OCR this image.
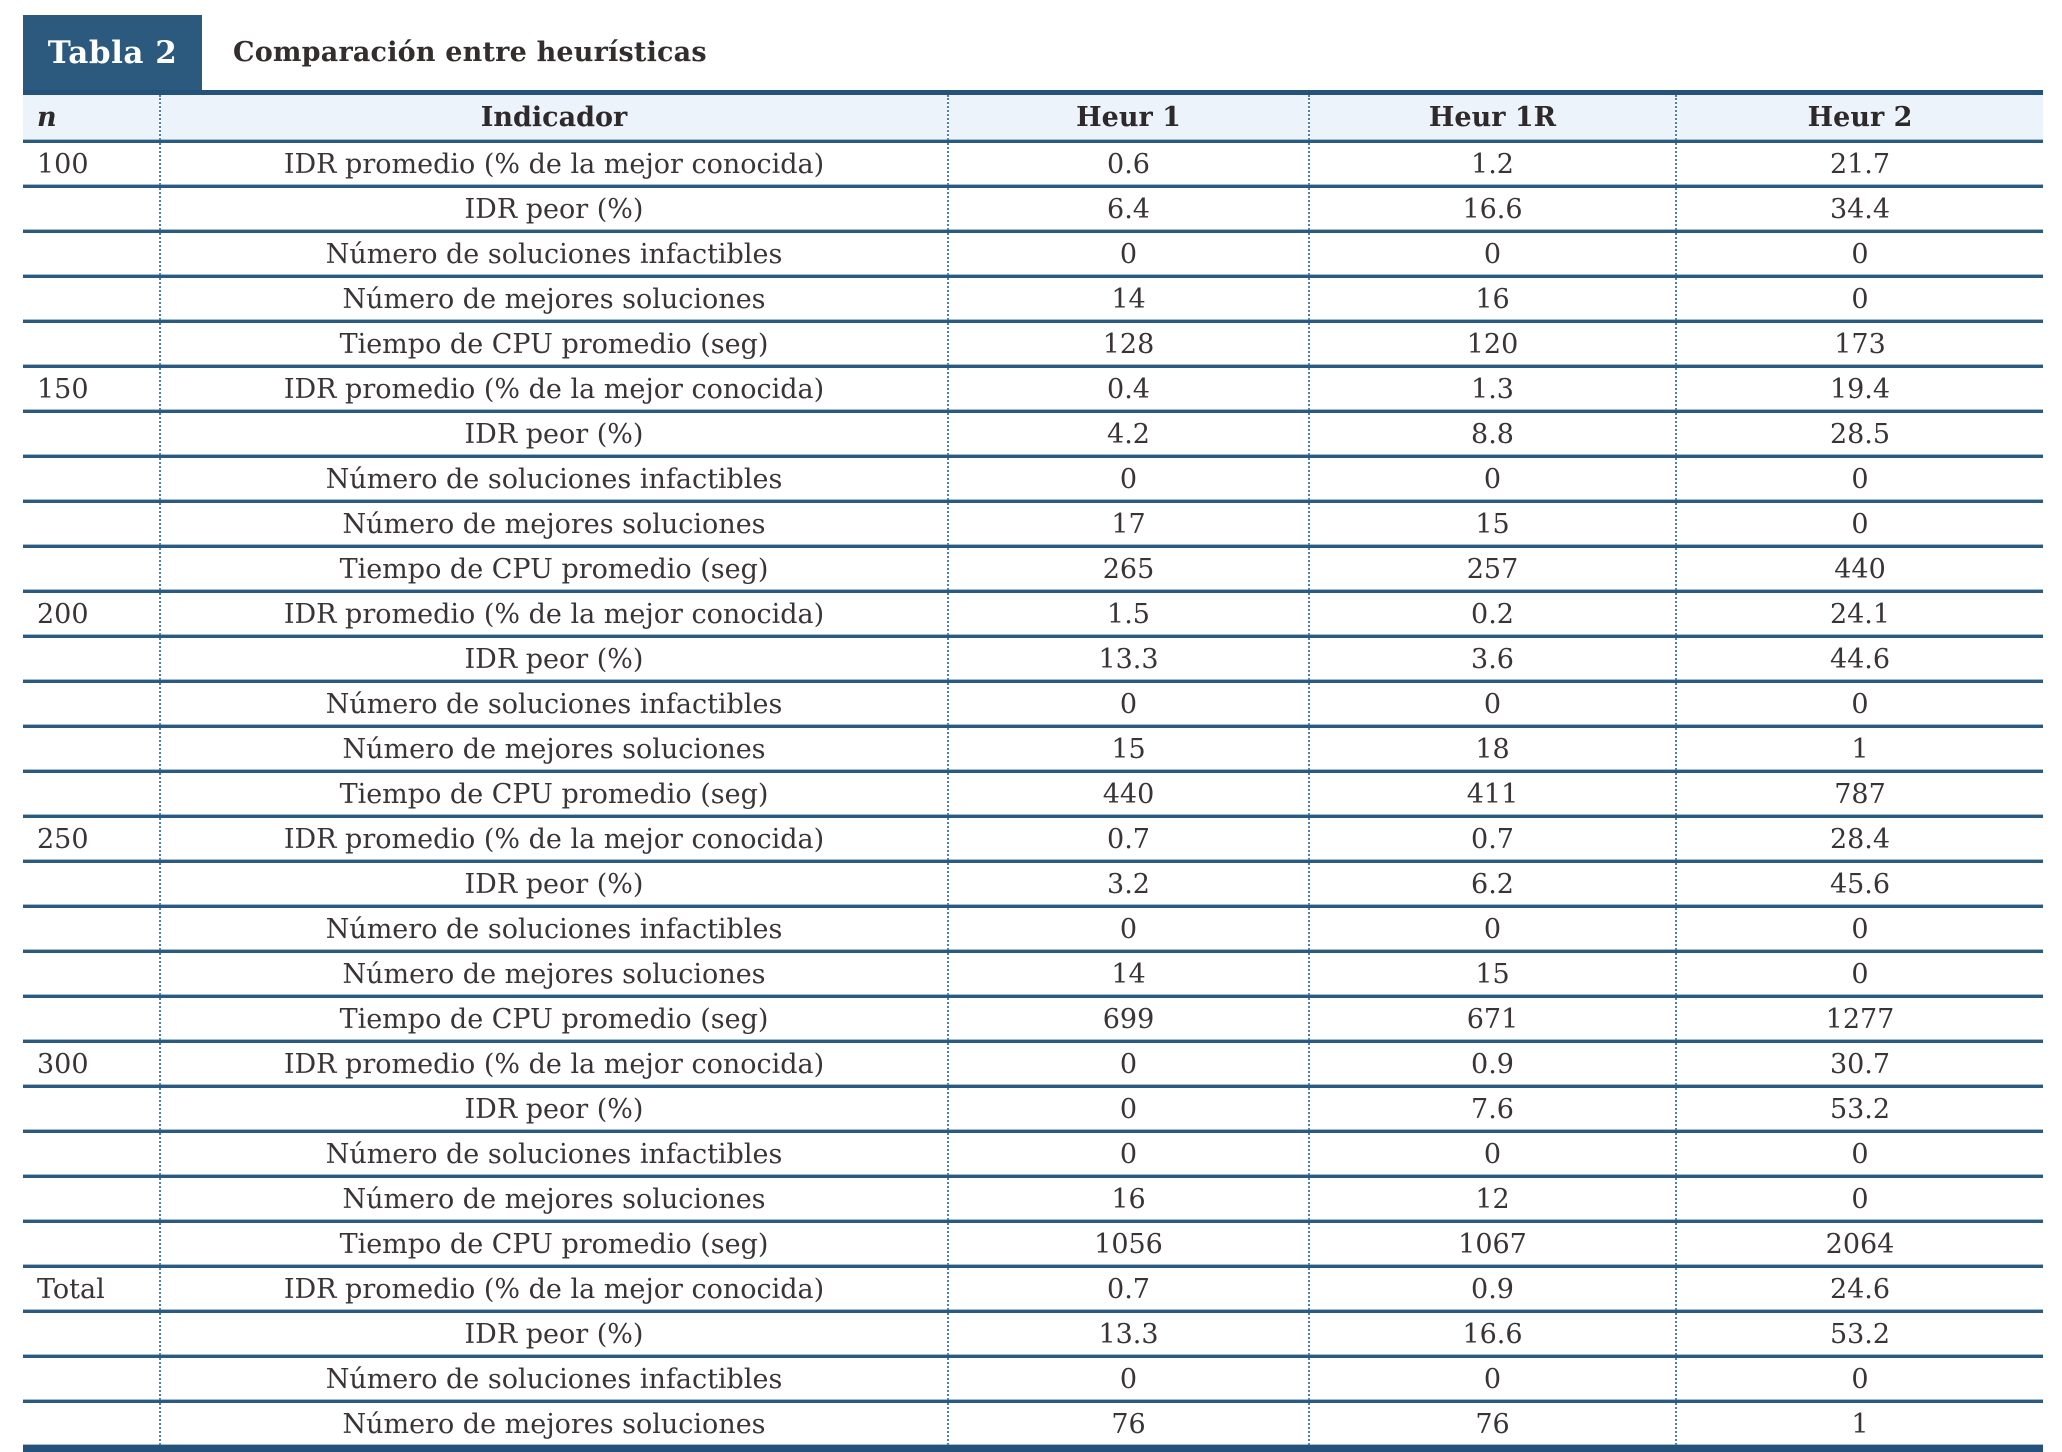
Tabla 2	Comparación entre heurísticas
n	Indicador	Heur 1	Heur 1R	Heur 2
100	IDR promedio (% de la mejor conocida)	0.6	1.2	21.7
	IDR peor (%)	6.4	16.6	34.4
	Número de soluciones infactibles	0	0	0
	Número de mejores soluciones	14	16	0
	Tiempo de CPU promedio (seg)	128	120	173
150	IDR promedio (% de la mejor conocida)	0.4	1.3	19.4
	IDR peor (%)	4.2	8.8	28.5
	Número de soluciones infactibles	0	0	0
	Número de mejores soluciones	17	15	0
	Tiempo de CPU promedio (seg)	265	257	440
200	IDR promedio (% de la mejor conocida)	1.5	0.2	24.1
	IDR peor (%)	13.3	3.6	44.6
	Número de soluciones infactibles	0	0	0
	Número de mejores soluciones	15	18	1
	Tiempo de CPU promedio (seg)	440	411	787
250	IDR promedio (% de la mejor conocida)	0.7	0.7	28.4
	IDR peor (%)	3.2	6.2	45.6
	Número de soluciones infactibles	0	0	0
	Número de mejores soluciones	14	15	0
	Tiempo de CPU promedio (seg)	699	671	1277
300	IDR promedio (% de la mejor conocida)	0	0.9	30.7
	IDR peor (%)	0	7.6	53.2
	Número de soluciones infactibles	0	0	0
	Número de mejores soluciones	16	12	0
	Tiempo de CPU promedio (seg)	1056	1067	2064
Total	IDR promedio (% de la mejor conocida)	0.7	0.9	24.6
	IDR peor (%)	13.3	16.6	53.2
	Número de soluciones infactibles	0	0	0
	Número de mejores soluciones	76	76	1
